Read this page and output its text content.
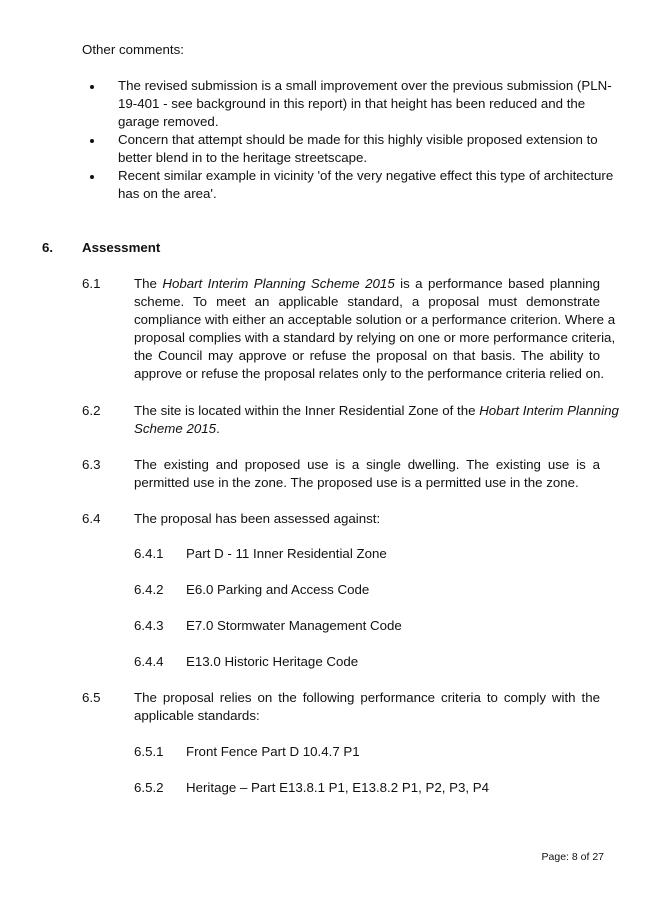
Other comments:
The revised submission is a small improvement over the previous submission (PLN-
19-401 - see background in this report) in that height has been reduced and the
garage removed.
Concern that attempt should be made for this highly visible proposed extension to
better blend in to the heritage streetscape.
Recent similar example in vicinity 'of the very negative effect this type of architecture
has on the area'.
6. Assessment
6.1	The Hobart Interim Planning Scheme 2015 is a performance based planning
scheme. To meet an applicable standard, a proposal must demonstrate
compliance with either an acceptable solution or a performance criterion. Where a
proposal complies with a standard by relying on one or more performance criteria,
the Council may approve or refuse the proposal on that basis. The ability to
approve or refuse the proposal relates only to the performance criteria relied on.
6.2	The site is located within the Inner Residential Zone of the Hobart Interim Planning
Scheme 2015.
6.3	The existing and proposed use is a single dwelling. The existing use is a
permitted use in the zone. The proposed use is a permitted use in the zone.
6.4	The proposal has been assessed against:
6.4.1 Part D - 11 Inner Residential Zone
6.4.2 E6.0 Parking and Access Code
6.4.3 E7.0 Stormwater Management Code
6.4.4 E13.0 Historic Heritage Code
6.5	The proposal relies on the following performance criteria to comply with the
applicable standards:
6.5.1 Front Fence Part D 10.4.7 P1
6.5.2 Heritage – Part E13.8.1 P1, E13.8.2 P1, P2, P3, P4
Page: 8 of 27
